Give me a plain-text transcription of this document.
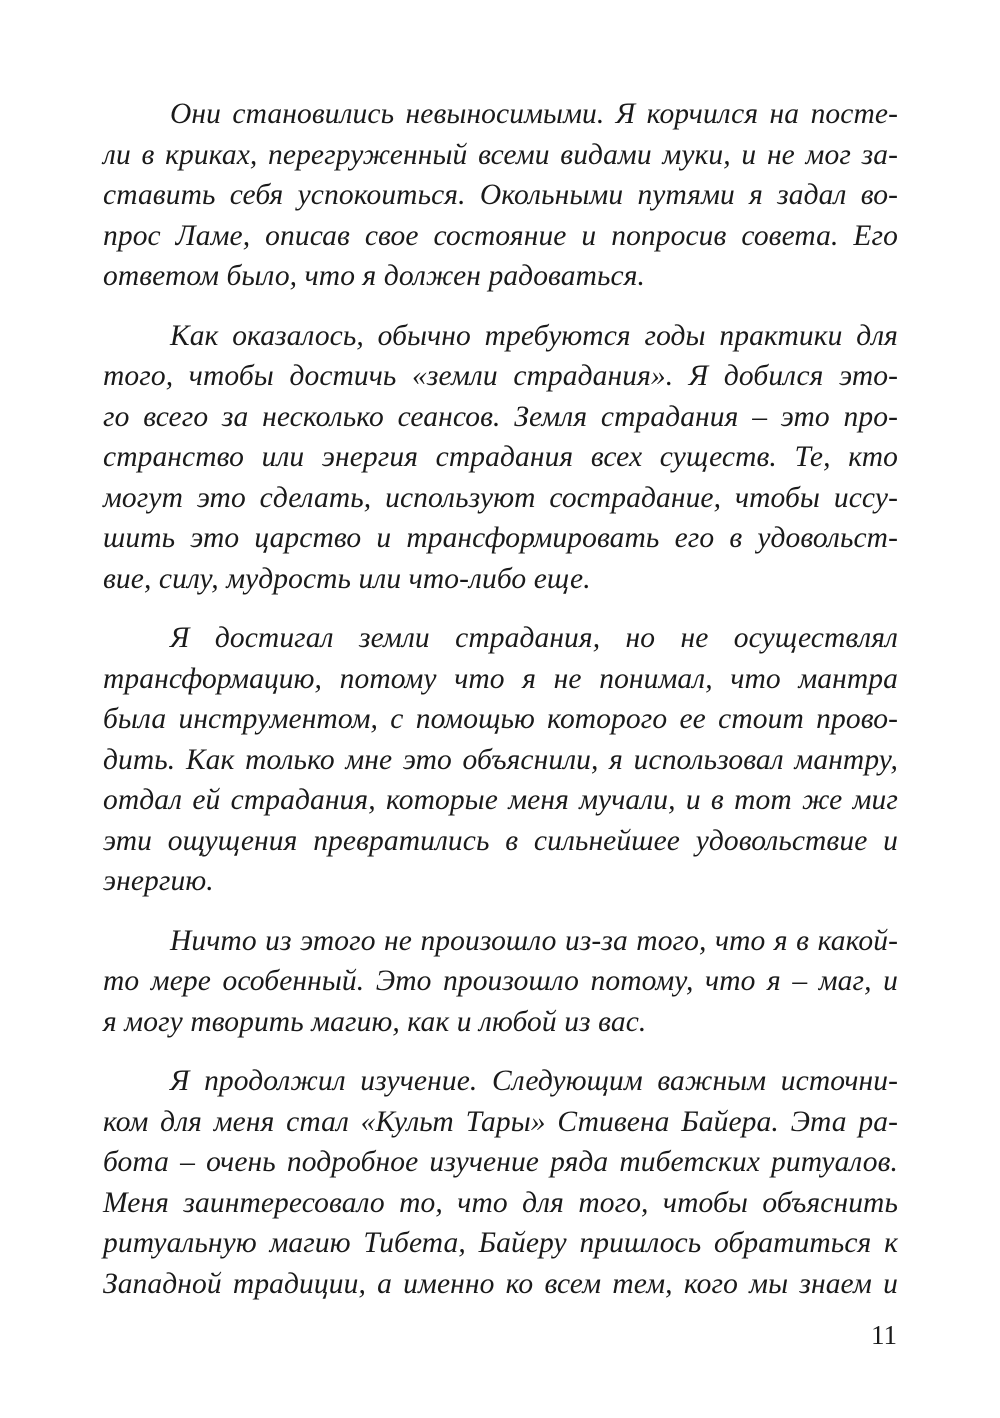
Они становились невыносимыми. Я корчился на посте-
ли в криках, перегруженный всеми видами муки, и не мог за-
ставить себя успокоиться. Окольными путями я задал во-
прос Ламе, описав свое состояние и попросив совета. Его
ответом было, что я должен радоваться.

Как оказалось, обычно требуются годы практики для
того, чтобы достичь «земли страдания». Я добился это-
го всего за несколько сеансов. Земля страдания – это про-
странство или энергия страдания всех существ. Те, кто
могут это сделать, используют сострадание, чтобы иссу-
шить это царство и трансформировать его в удовольст-
вие, силу, мудрость или что-либо еще.

Я достигал земли страдания, но не осуществлял
трансформацию, потому что я не понимал, что мантра
была инструментом, с помощью которого ее стоит прово-
дить. Как только мне это объяснили, я использовал мантру,
отдал ей страдания, которые меня мучали, и в тот же миг
эти ощущения превратились в сильнейшее удовольствие и
энергию.

Ничто из этого не произошло из-за того, что я в какой-
то мере особенный. Это произошло потому, что я – маг, и
я могу творить магию, как и любой из вас.

Я продолжил изучение. Следующим важным источни-
ком для меня стал «Культ Тары» Стивена Байера. Эта ра-
бота – очень подробное изучение ряда тибетских ритуалов.
Меня заинтересовало то, что для того, чтобы объяснить
ритуальную магию Тибета, Байеру пришлось обратиться к
Западной традиции, а именно ко всем тем, кого мы знаем и

11
